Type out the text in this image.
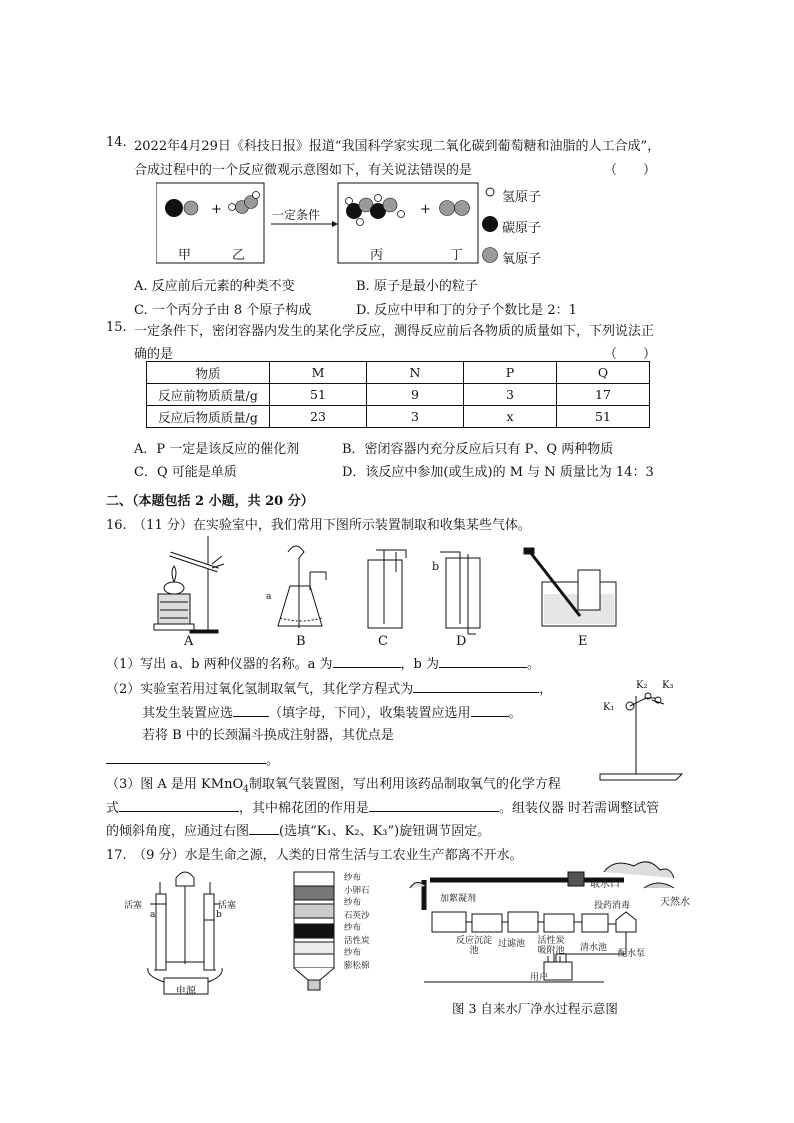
14. 2022年4月29日《科技日报》报道“我国科学家实现二氧化碳到葡萄糖和油脂的人工合成”，
合成过程中的一个反应微观示意图如下，有关说法错误的是	（　　）
+	+
甲	乙	丙	丁
一定条件
氢原子
碳原子
氧原子
A. 反应前后元素的种类不变	B. 原子是最小的粒子
C. 一个丙分子由 8 个原子构成	D. 反应中甲和丁的分子个数比是 2：1
15. 一定条件下，密闭容器内发生的某化学反应，测得反应前后各物质的质量如下，下列说法正
确的是	（　　）
物质	M	N	P	Q
反应前物质质量/g	51	9	3	17
反应后物质质量/g	23	3	x	51
A．P 一定是该反应的催化剂	B．密闭容器内充分反应后只有 P、Q 两种物质
C．Q 可能是单质	D．该反应中参加(或生成)的 M 与 N 质量比为 14：3
二、（本题包括 2 小题，共 20 分）
16.　（11 分）在实验室中，我们常用下图所示装置制取和收集某些气体。
a
b
A	B	C	D	E
（1）写出 a、b 两种仪器的名称。a 为	，b 为	。
（2）实验室若用过氧化氢制取氧气，其化学方程式为	，
其发生装置应选	（填字母，下同），收集装置应选用	。
若将 B 中的长颈漏斗换成注射器，其优点是
。
K₁
K₂ K₃
（3）图 A 是用 KMnO$_4$制取氧气装置图，写出利用该药品制取氧气的化学方程
式	，其中棉花团的作用是	。组装仪器 时若需调整试管
的倾斜角度，应通过右图 (选填“K₁、K₂、K₃”)旋钮调节固定。
17.　（9 分）水是生命之源，人类的日常生活与工农业生产都离不开水。
活塞	活塞
a	b
电源
纱布
小卵石
纱布
石英沙
纱布
活性炭
纱布
膨松棉
取水口
天然水
加絮凝剂
投药消毒
反应沉淀池
过滤池 活性炭吸附池 清水池
配水泵
用户
图 3 自来水厂净水过程示意图
